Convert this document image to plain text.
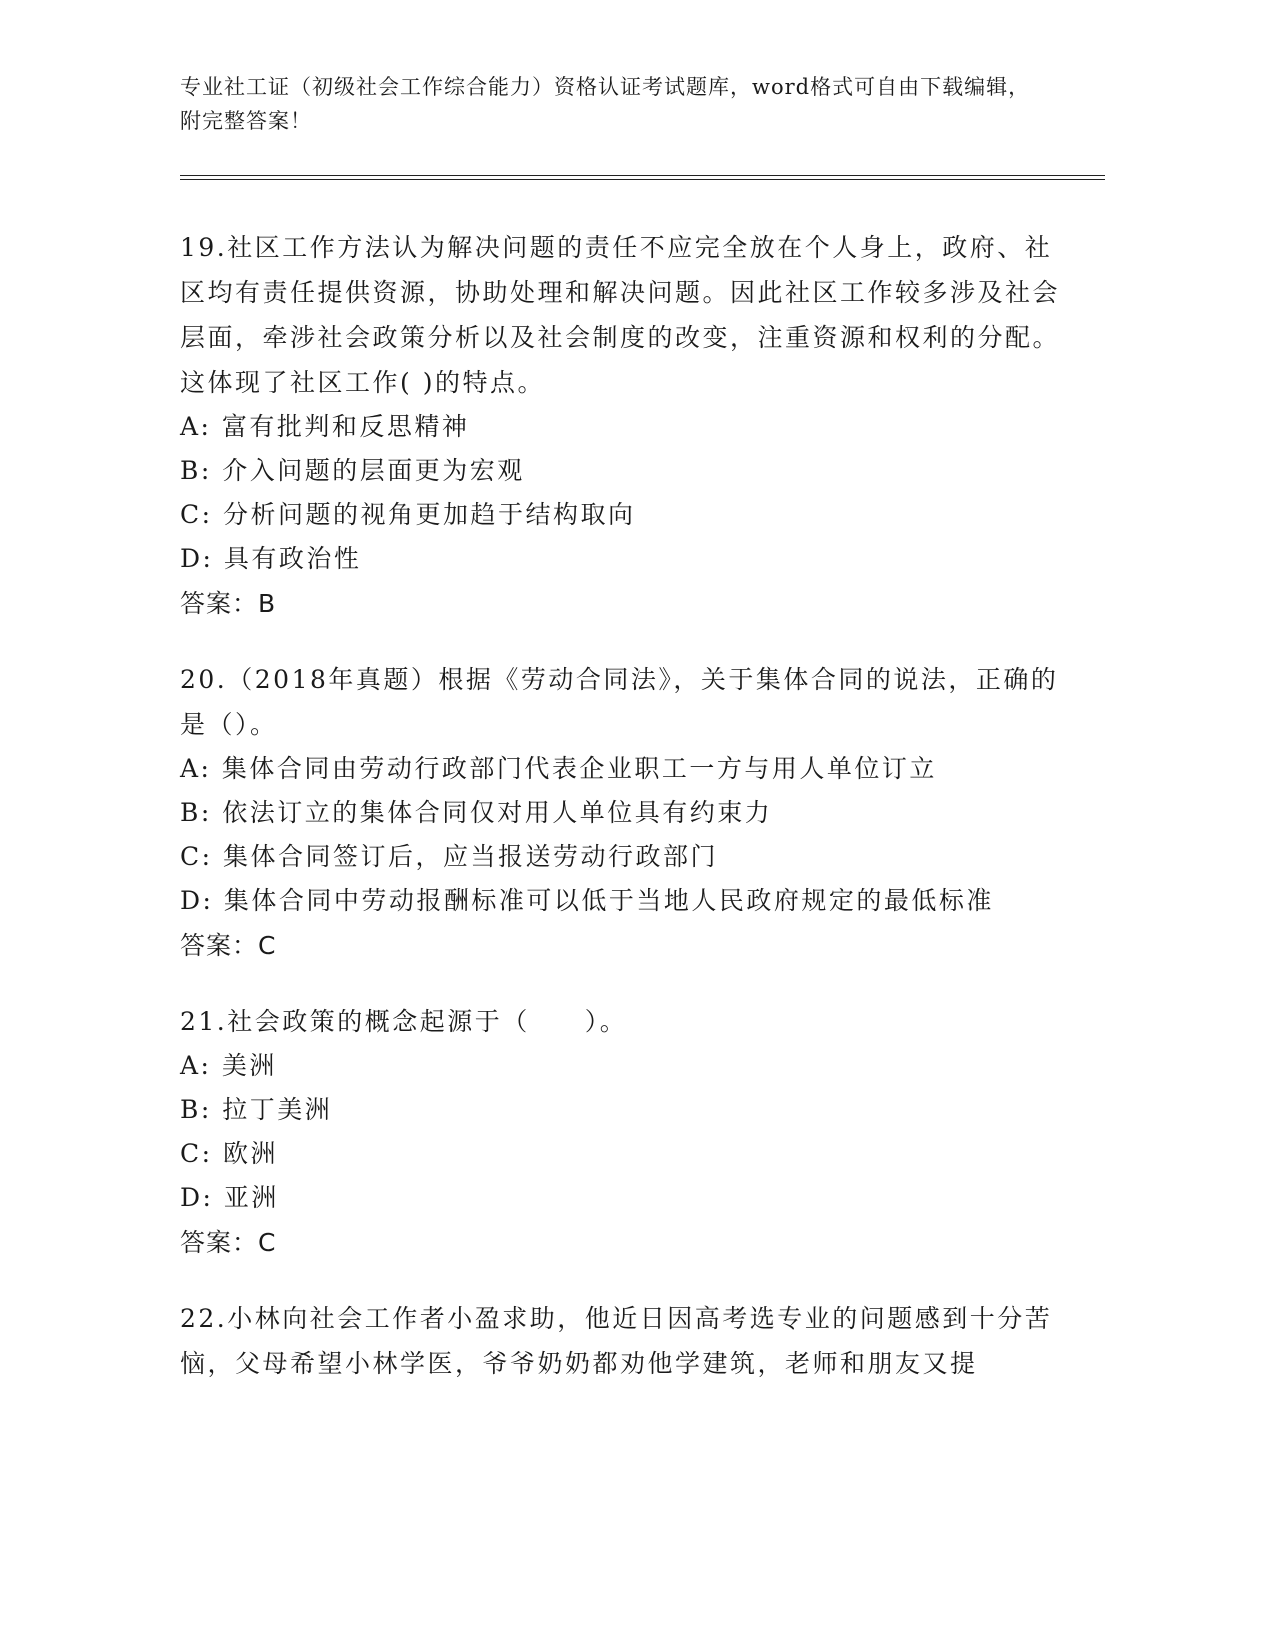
专业社工证（初级社会工作综合能力）资格认证考试题库，word格式可自由下载编辑，附完整答案！

19.社区工作方法认为解决问题的责任不应完全放在个人身上，政府、社区均有责任提供资源，协助处理和解决问题。因此社区工作较多涉及社会层面，牵涉社会政策分析以及社会制度的改变，注重资源和权利的分配。这体现了社区工作( )的特点。

A: 富有批判和反思精神

B: 介入问题的层面更为宏观

C: 分析问题的视角更加趋于结构取向

D: 具有政治性

答案：B

20.（2018年真题）根据《劳动合同法》，关于集体合同的说法，正确的是（）。

A: 集体合同由劳动行政部门代表企业职工一方与用人单位订立

B: 依法订立的集体合同仅对用人单位具有约束力

C: 集体合同签订后，应当报送劳动行政部门

D: 集体合同中劳动报酬标准可以低于当地人民政府规定的最低标准

答案：C

21.社会政策的概念起源于（　　）。

A: 美洲

B: 拉丁美洲

C: 欧洲

D: 亚洲

答案：C

22.小林向社会工作者小盈求助，他近日因高考选专业的问题感到十分苦恼，父母希望小林学医，爷爷奶奶都劝他学建筑，老师和朋友又提
